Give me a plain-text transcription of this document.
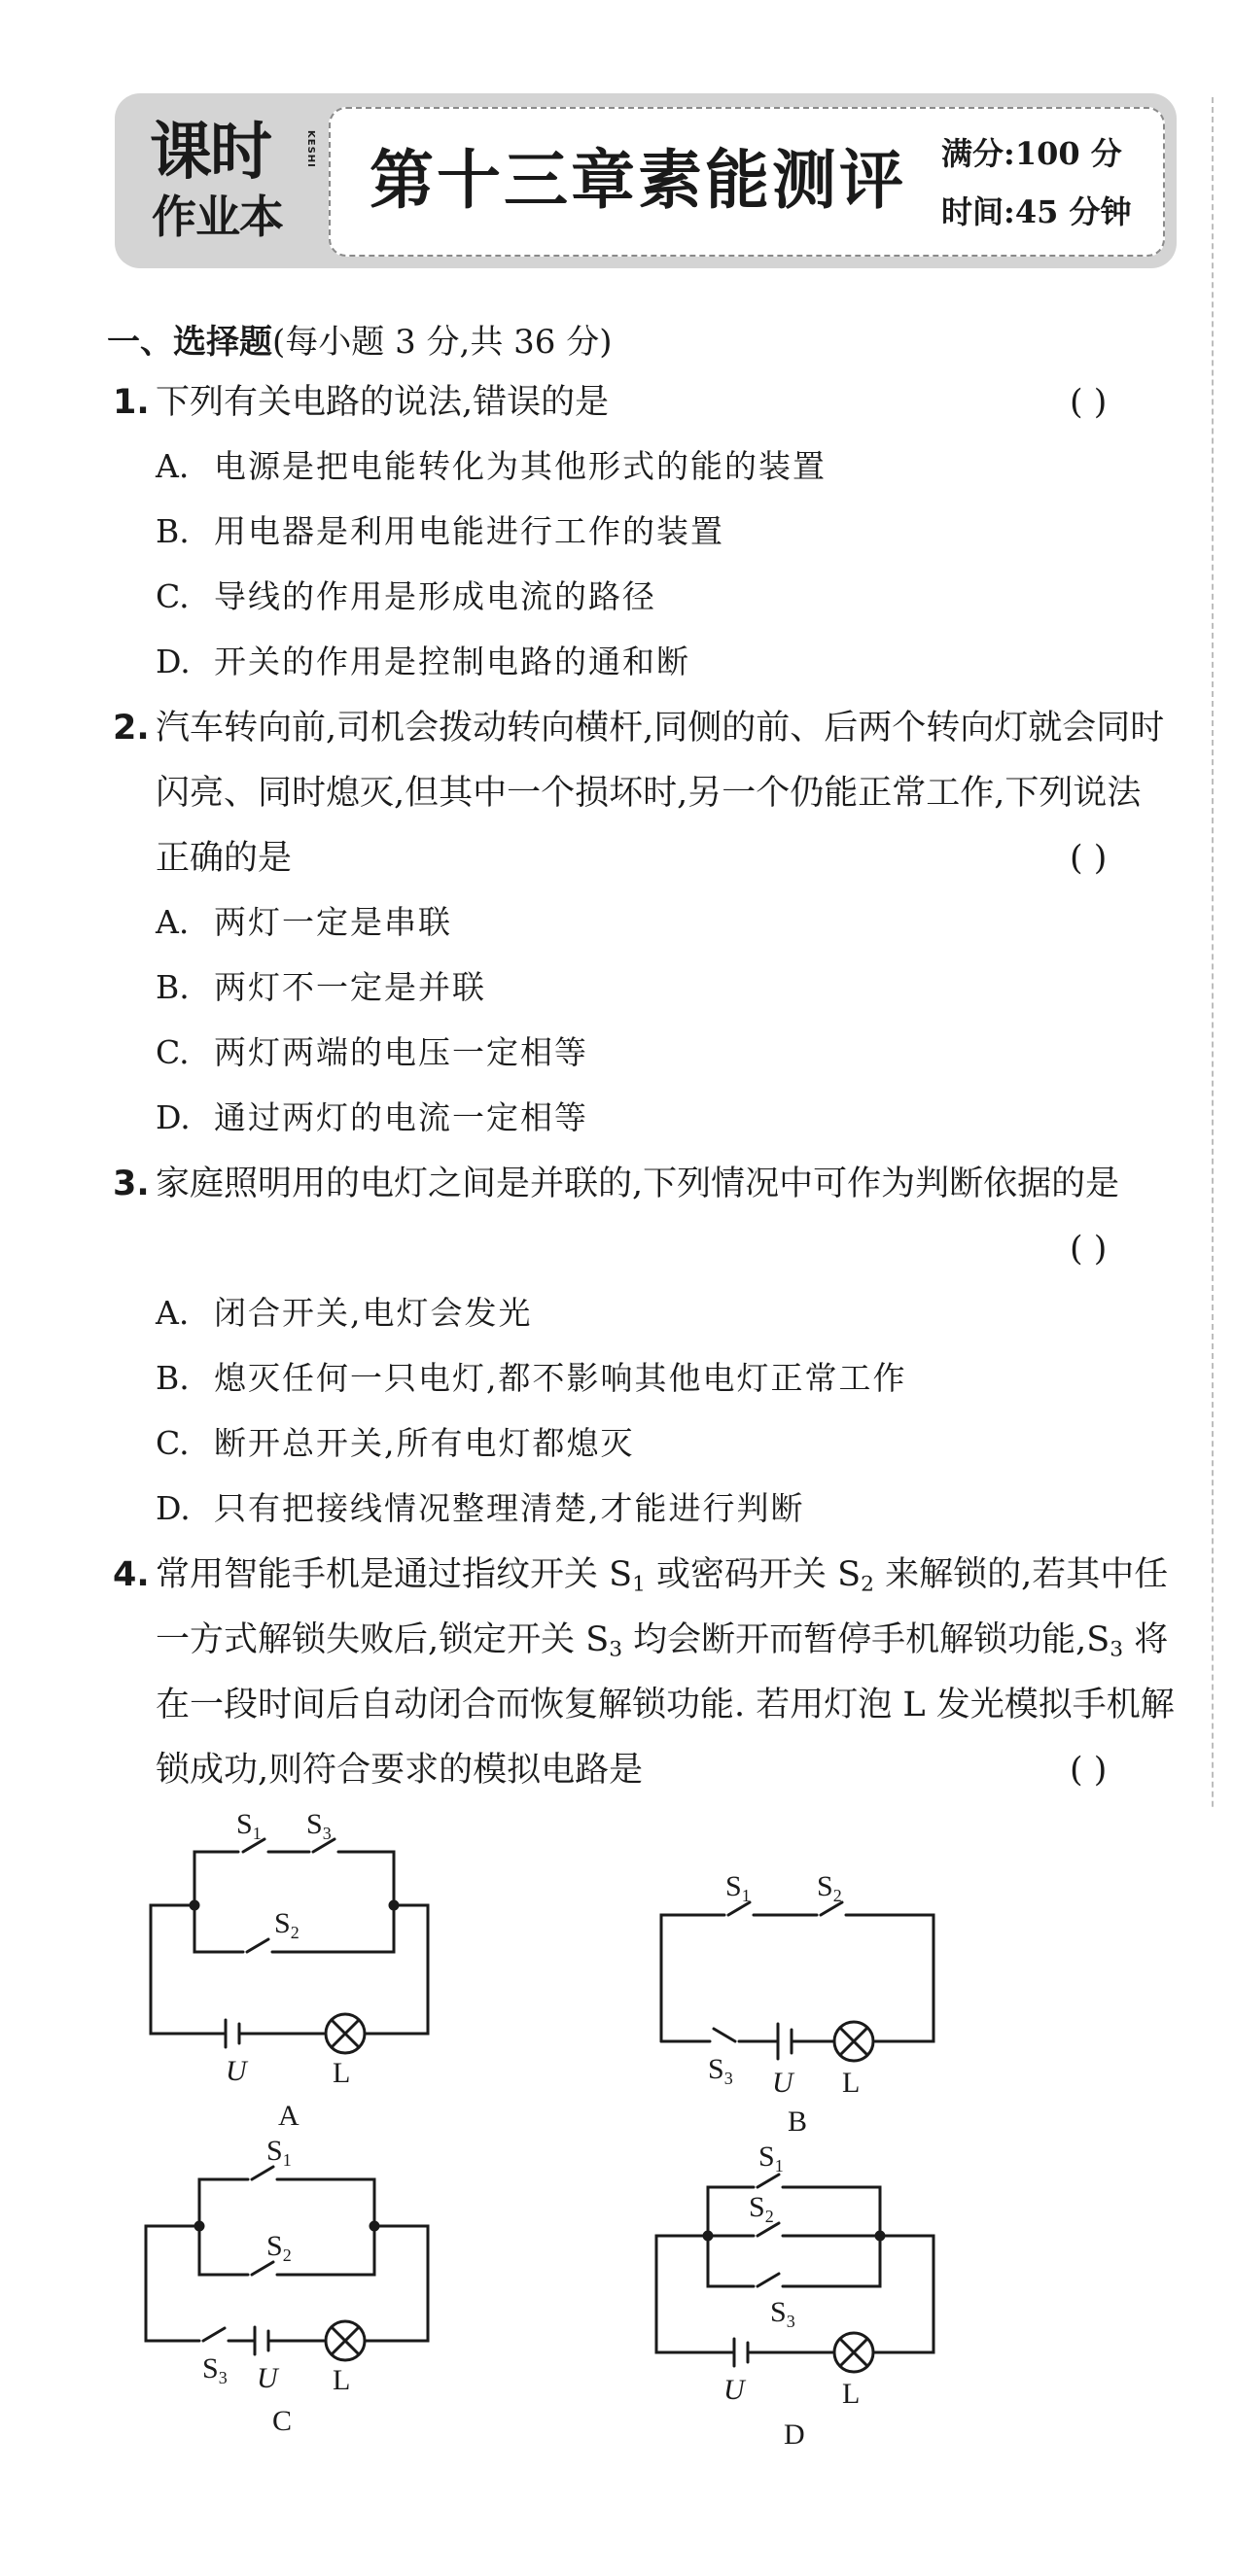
课时
作业本
KESHI 第十三章素能测评 满分:100 分
时间:45 分钟
一、选择题(每小题 3 分,共 36 分)
1. 下列有关电路的说法,错误的是	( )
A. 电源是把电能转化为其他形式的能的装置
B. 用电器是利用电能进行工作的装置
C. 导线的作用是形成电流的路径
D. 开关的作用是控制电路的通和断
2. 汽车转向前,司机会拨动转向横杆,同侧的前、后两个转向灯就会同时
闪亮、同时熄灭,但其中一个损坏时,另一个仍能正常工作,下列说法
正确的是	( )
A. 两灯一定是串联
B. 两灯不一定是并联
C. 两灯两端的电压一定相等
D. 通过两灯的电流一定相等
3. 家庭照明用的电灯之间是并联的,下列情况中可作为判断依据的是
( )
A. 闭合开关,电灯会发光
B. 熄灭任何一只电灯,都不影响其他电灯正常工作
C. 断开总开关,所有电灯都熄灭
D. 只有把接线情况整理清楚,才能进行判断
4. 常用智能手机是通过指纹开关 $S_1$ 或密码开关 $S_2$ 来解锁的,若其中任
一方式解锁失败后,锁定开关 $S_3$ 均会断开而暂停手机解锁功能$,S_3$ 将
在一段时间后自动闭合而恢复解锁功能. 若用灯泡 L 发光模拟手机解
锁成功,则符合要求的模拟电路是	( )
$S_1$ $S_3$
$S_2$
U	L
A
$S_1$ $S_2$
$S_3$ U L
B
$S_1$
$S_2$
$S_3$ U L
C
$S_1$
$S_2$
$S_3$
U	L
D
